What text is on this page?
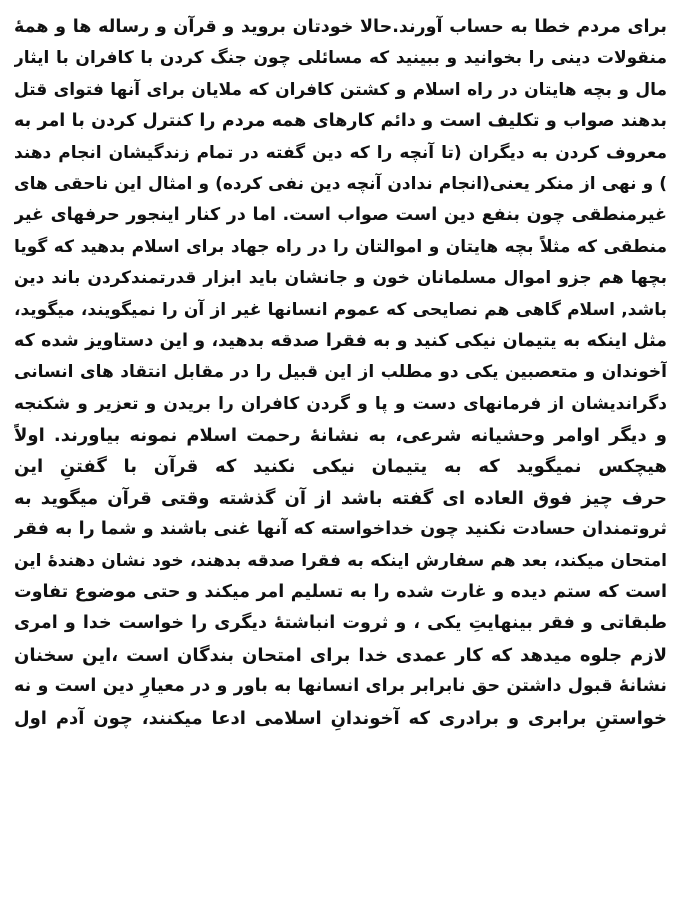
برای مردم خطا به حساب آورند.حالا خودتان بروید و قرآن و رساله ها و همهٔ
منقولات دینی را بخوانید و ببینید که مسائلی چون جنگ کردن با کافران با ایثار
مال و بچه هایتان در راه اسلام و کشتن کافران که ملایان برای آنها فتوای قتل
بدهند صواب و تکلیف است و دائم کارهای همه مردم را کنترل کردن با امر به
معروف کردن به دیگران (تا آنچه را که دین گفته در تمام زندگیشان انجام دهند
) و نهی از منکر یعنی(انجام ندادن آنچه دین نفی کرده) و امثال این ناحقی های
غیرمنطقی چون بنفع دین است صواب است. اما در کنار اینجور حرفهای غیر
منطقی که مثلاً بچه هایتان و اموالتان را در راه جهاد برای اسلام بدهید که گویا
بچها هم جزو اموال مسلمانان خون و جانشان باید ابزار قدرتمندکردن باند دین
باشد, اسلام گاهی هم نصایحی که عموم انسانها غیر از آن را نمیگویند، میگوید،
مثل اینکه به یتیمان نیکی کنید و به فقرا صدقه بدهید، و این دستاویز شده که
آخوندان و متعصبین یکی دو مطلب از این قبیل را در مقابل انتقاد های انسانی
دگراندیشان از فرمانهای دست و پا و گردن کافران را بریدن و تعزیر و شکنجه
و دیگر اوامر وحشیانه شرعی، به نشانهٔ رحمت اسلام نمونه بیاورند. اولاً
هیچکس نمیگوید که به یتیمان نیکی نکنید که قرآن با گفتنِ این
حرف چیز فوق العاده ای گفته باشد از آن گذشته وقتی قرآن میگوید به
ثروتمندان حسادت نکنید چون خداخواسته که آنها غنی باشند و شما را به فقر
امتحان میکند، بعد هم سفارش اینکه به فقرا صدقه بدهند، خود نشان دهندهٔ این
است که ستم دیده و غارت شده را به تسلیم امر میکند و حتی موضوع تفاوت
طبقاتی و فقر بینهایتِ یکی ، و ثروت انباشتهٔ دیگری را خواست خدا و امری
لازم جلوه میدهد که کار عمدی خدا برای امتحان بندگان است ،این سخنان
نشانهٔ قبول داشتن حق نابرابر برای انسانها به باور و در معیارِ دین است و نه
خواستنِ برابری و برادری که آخوندانِ اسلامی ادعا میکنند، چون آدم اول
